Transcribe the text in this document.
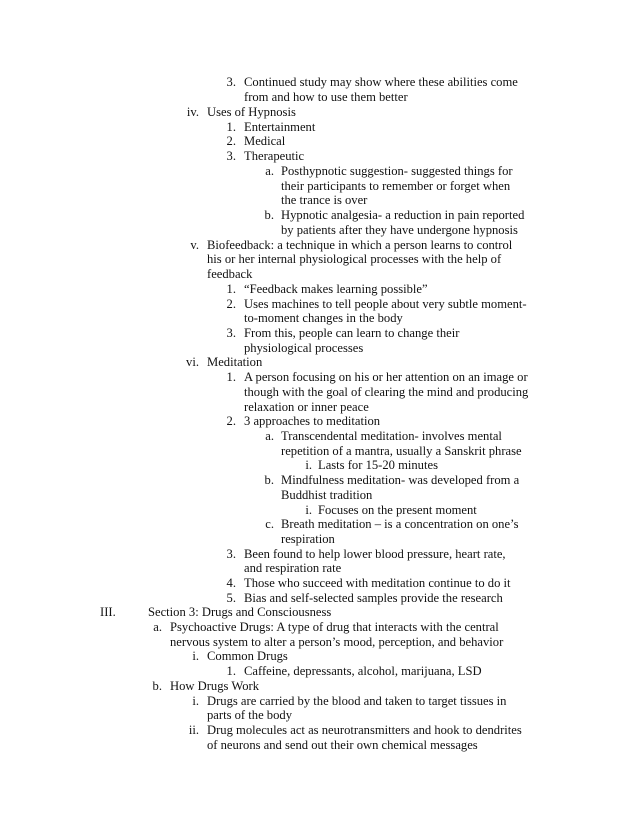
3. Continued study may show where these abilities come
from and how to use them better
iv. Uses of Hypnosis
1. Entertainment
2. Medical
3. Therapeutic
a. Posthypnotic suggestion- suggested things for
their participants to remember or forget when
the trance is over
b. Hypnotic analgesia- a reduction in pain reported
by patients after they have undergone hypnosis
v. Biofeedback: a technique in which a person learns to control
his or her internal physiological processes with the help of
feedback
1. “Feedback makes learning possible”
2. Uses machines to tell people about very subtle moment-
to-moment changes in the body
3. From this, people can learn to change their
physiological processes
vi. Meditation
1. A person focusing on his or her attention on an image or
though with the goal of clearing the mind and producing
relaxation or inner peace
2. 3 approaches to meditation
a. Transcendental meditation- involves mental
repetition of a mantra, usually a Sanskrit phrase
i. Lasts for 15-20 minutes
b. Mindfulness meditation- was developed from a
Buddhist tradition
i. Focuses on the present moment
c. Breath meditation – is a concentration on one’s
respiration
3. Been found to help lower blood pressure, heart rate,
and respiration rate
4. Those who succeed with meditation continue to do it
5. Bias and self-selected samples provide the research
III.	Section 3: Drugs and Consciousness
a. Psychoactive Drugs: A type of drug that interacts with the central
nervous system to alter a person’s mood, perception, and behavior
i. Common Drugs
1. Caffeine, depressants, alcohol, marijuana, LSD
b. How Drugs Work
i. Drugs are carried by the blood and taken to target tissues in
parts of the body
ii. Drug molecules act as neurotransmitters and hook to dendrites
of neurons and send out their own chemical messages
